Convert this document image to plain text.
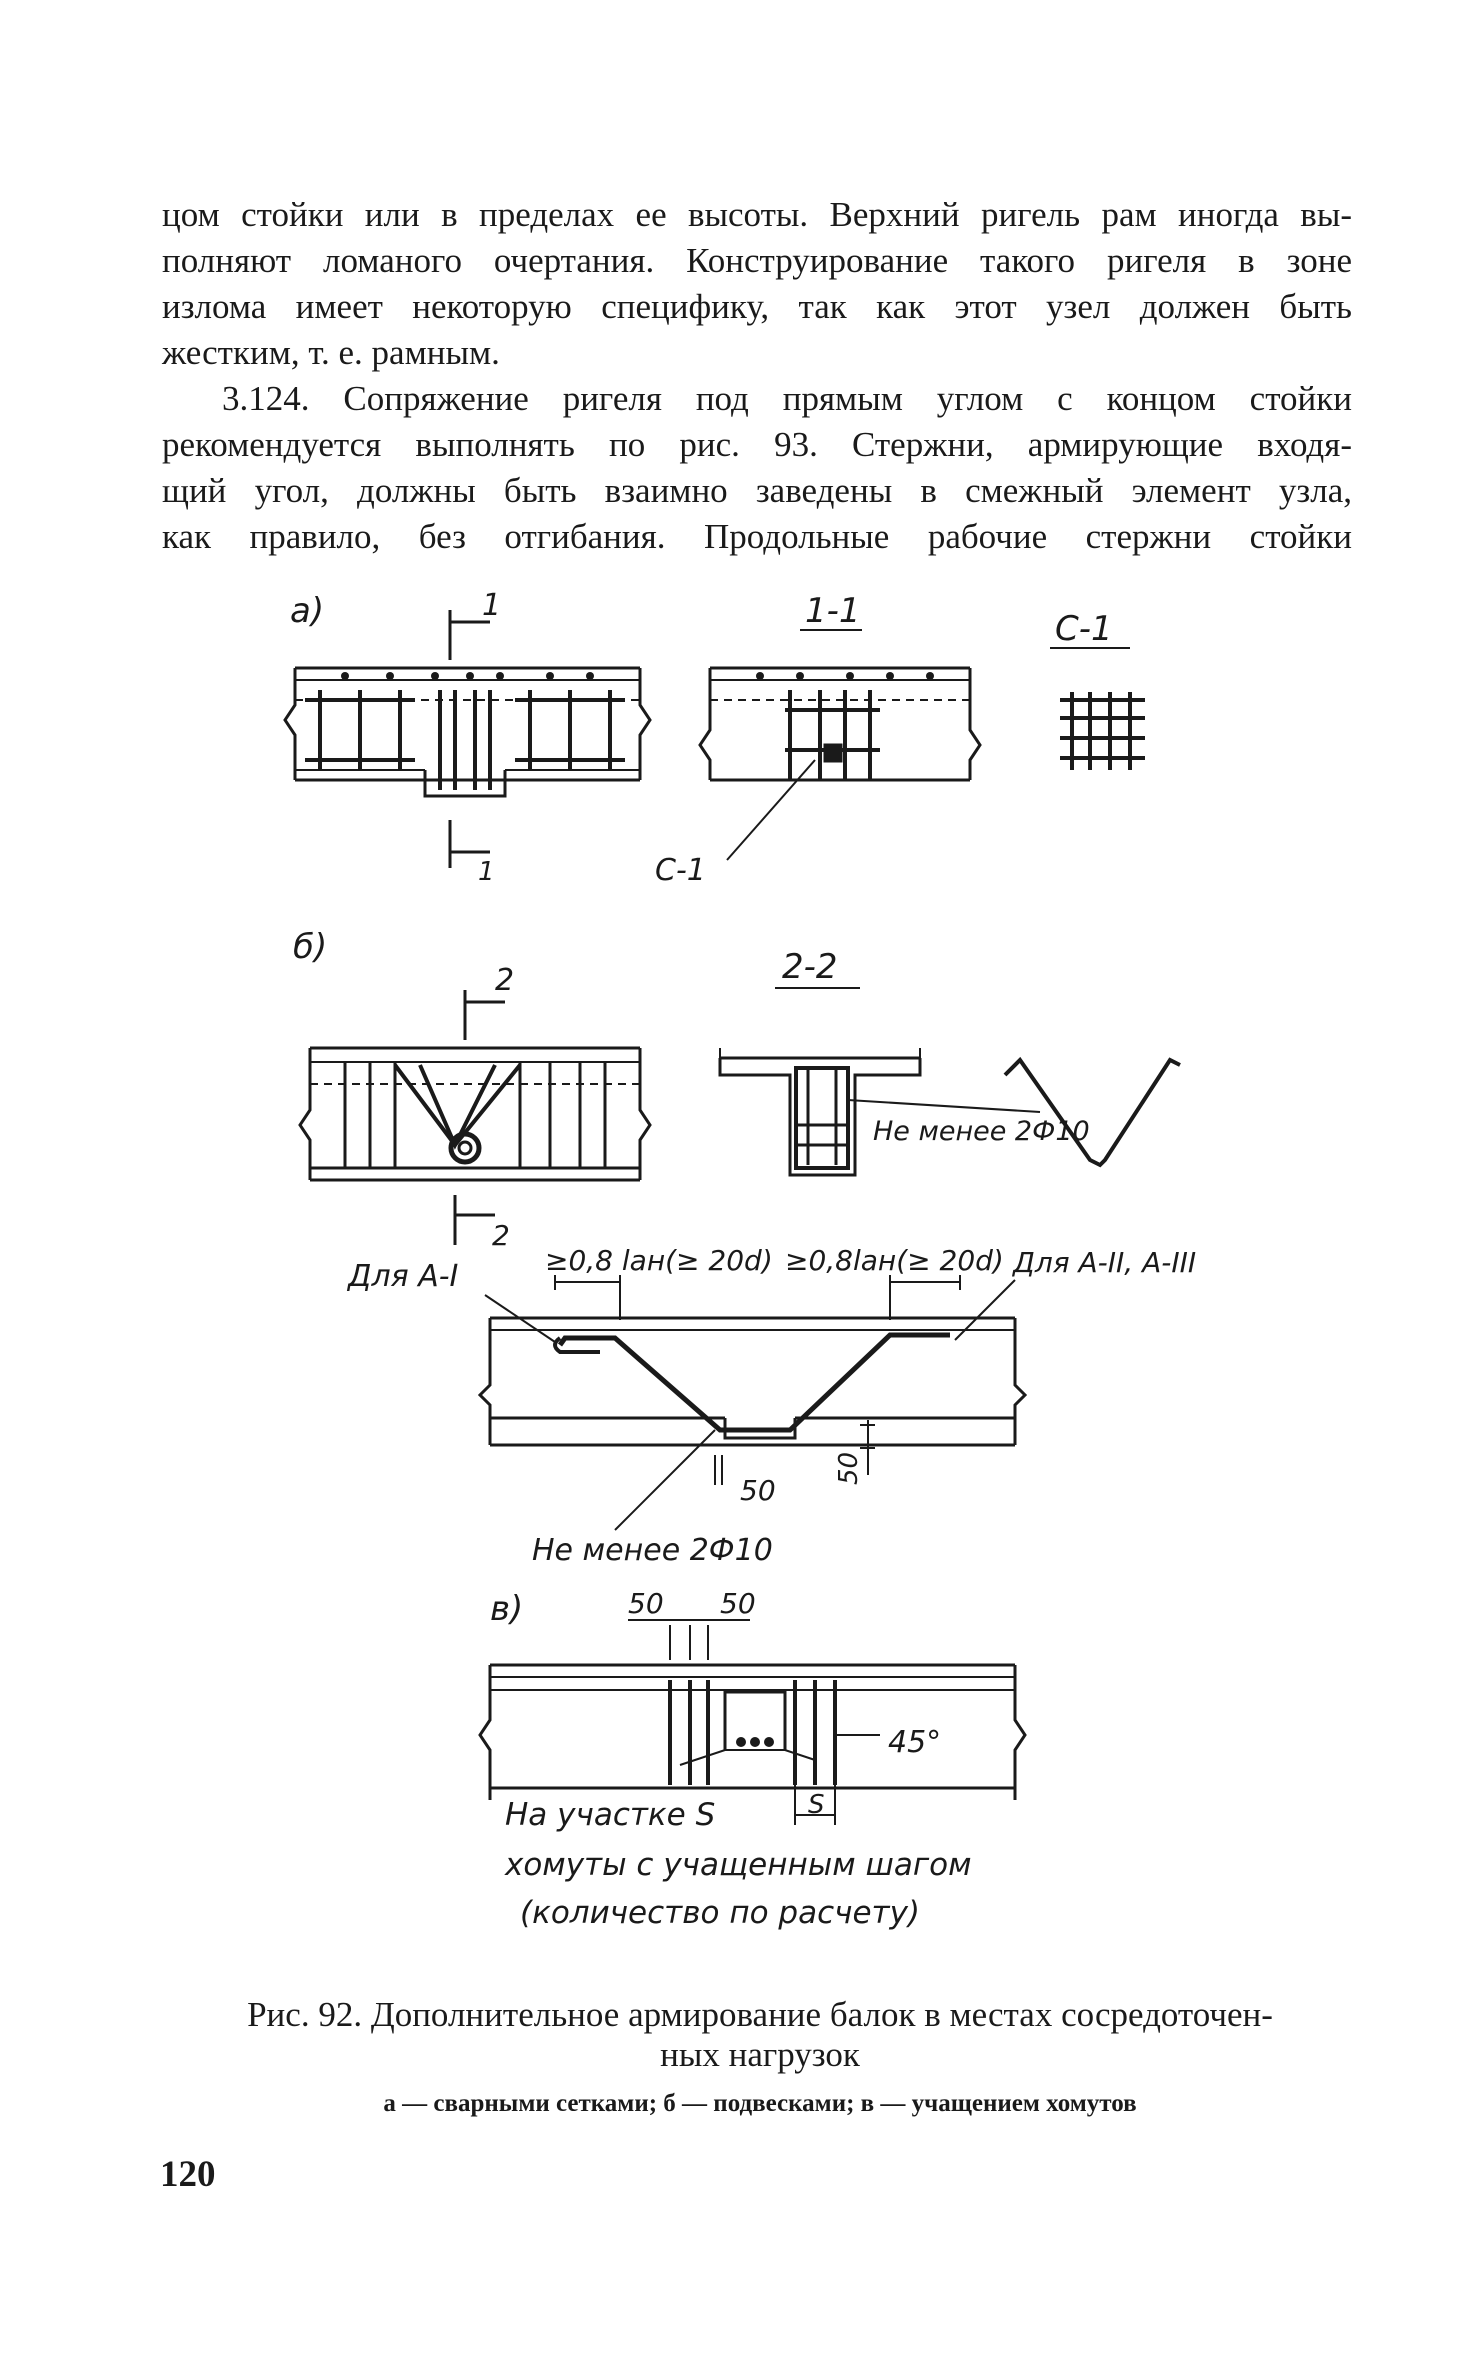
цом стойки или в пределах ее высоты. Верхний ригель рам иногда вы-
полняют ломаного очертания. Конструирование такого ригеля в зоне
излома имеет некоторую специфику, так как этот узел должен быть
жестким, т. е. рамным.
3.124. Сопряжение ригеля под прямым углом с концом стойки
рекомендуется выполнять по рис. 93. Стержни, армирующие входя-
щий угол, должны быть взаимно заведены в смежный элемент узла,
как правило, без отгибания. Продольные рабочие стержни стойки
а)	1
1
1-1
С-1
С-1
б)
2
2
2-2
Не менее 2Ф10
Для А-I	Для А-II, А-III
≥0,8 lан(≥ 20d) ≥0,8lан(≥ 20d)
50
50
Не менее 2Ф10
в)	50 50
45°
S
На участке S
хомуты с учащенным шагом
(количество по расчету)
Рис. 92. Дополнительное армирование балок в местах сосредоточен-
ных нагрузок
а — сварными сетками; б — подвесками; в — учащением хомутов
120
